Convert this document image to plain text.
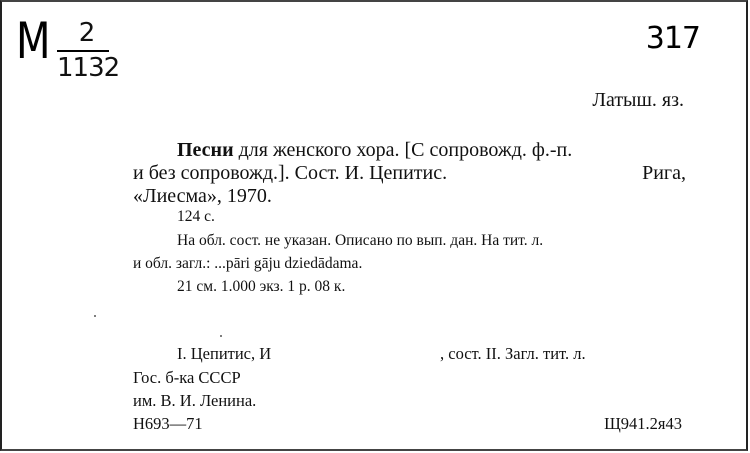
М	2
1132
317
Латыш. яз.
Песни для женского хора. [С сопровожд. ф.-п.
и без сопровожд.]. Сост. И. Цепитис.	Рига,
«Лиесма», 1970.
124 с.
На обл. сост. не указан. Описано по вып. дан. На тит. л.
и обл. загл.: ...pāri gāju dziedādama.
21 см. 1.000 экз. 1 р. 08 к.
I. Цепитис, И	, сост. II. Загл. тит. л.
Гос. б-ка СССР
им. В. И. Ленина.
Н693—71	Щ941.2я43
